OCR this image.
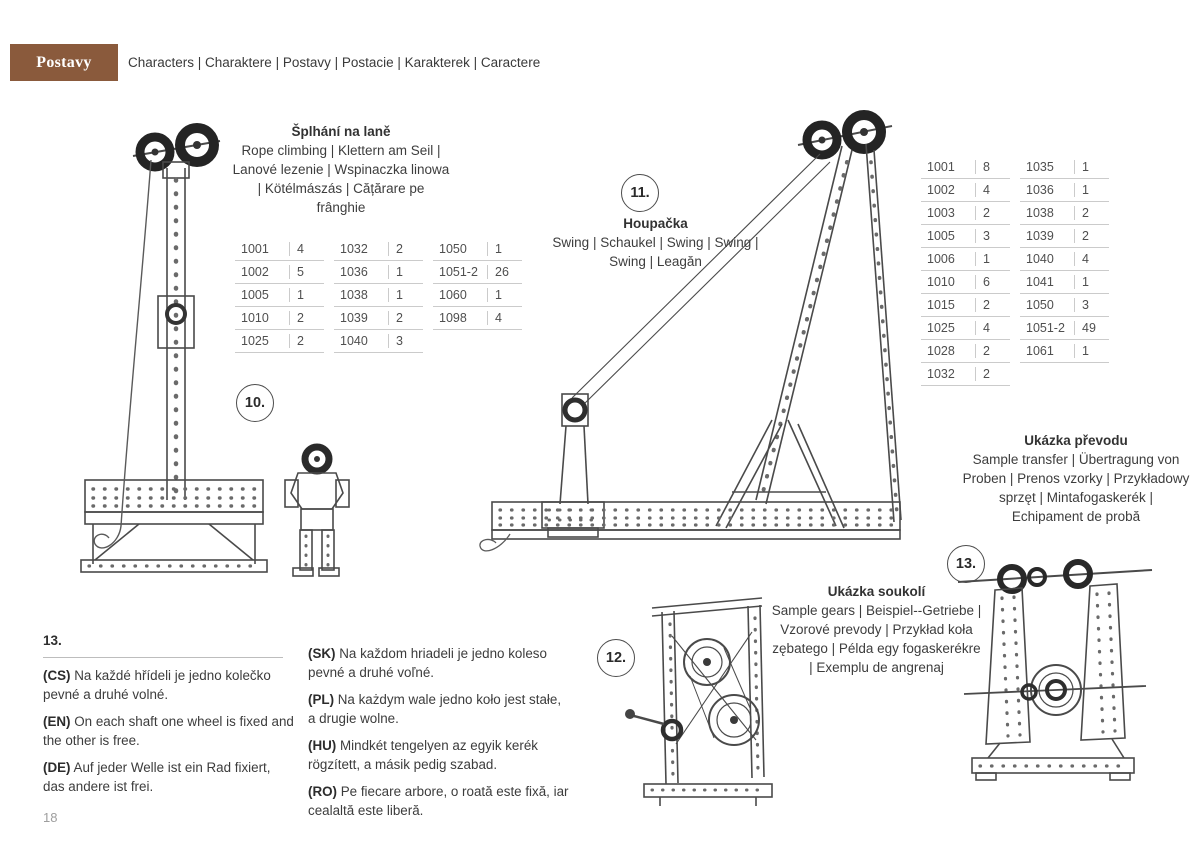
Postavy	Characters | Charaktere | Postavy | Postacie | Karakterek | Caractere

Šplhání na laně

Rope climbing | Klettern am Seil | Lanové lezenie | Wspinaczka linowa | Kötélmászás | Cățărare pe frânghie

1001	4
1002	5
1005	1
1010	2
1025	2
1032	2
1036	1
1038	1
1039	2
1040	3
1050	1
1051-2	26
1060	1
1098	4
10.
11.

Houpačka

Swing | Schaukel | Swing | Swing | Swing | Leagăn

1001	8
1002	4
1003	2
1005	3
1006	1
1010	6
1015	2
1025	4
1028	2
1032	2
1035	1
1036	1
1038	2
1039	2
1040	4
1041	1
1050	3
1051-2	49
1061	1

Ukázka převodu

Sample transfer | Übertragung von Proben | Prenos vzorky | Przykładowy sprzęt | Mintafogaskerék | Echipament de probă

13.

Ukázka soukolí

Sample gears | Beispiel-​-Getriebe | Vzorové prevody | Przykład koła zębatego | Példa egy fogaskerékre | Exemplu de angrenaj

12.
13.

(CS) Na každé hřídeli je jedno kolečko pevné a druhé volné.

(EN) On each shaft one wheel is fixed and the other is free.

(DE) Auf jeder Welle ist ein Rad fixiert, das andere ist frei.

(SK) Na každom hriadeli je jedno koleso pevné a druhé voľné.

(PL) Na każdym wale jedno koło jest stałe, a drugie wolne.

(HU) Mindkét tengelyen az egyik kerék rögzített, a másik pedig szabad.

(RO) Pe fiecare arbore, o roată este fixă, iar cealaltă este liberă.

18
